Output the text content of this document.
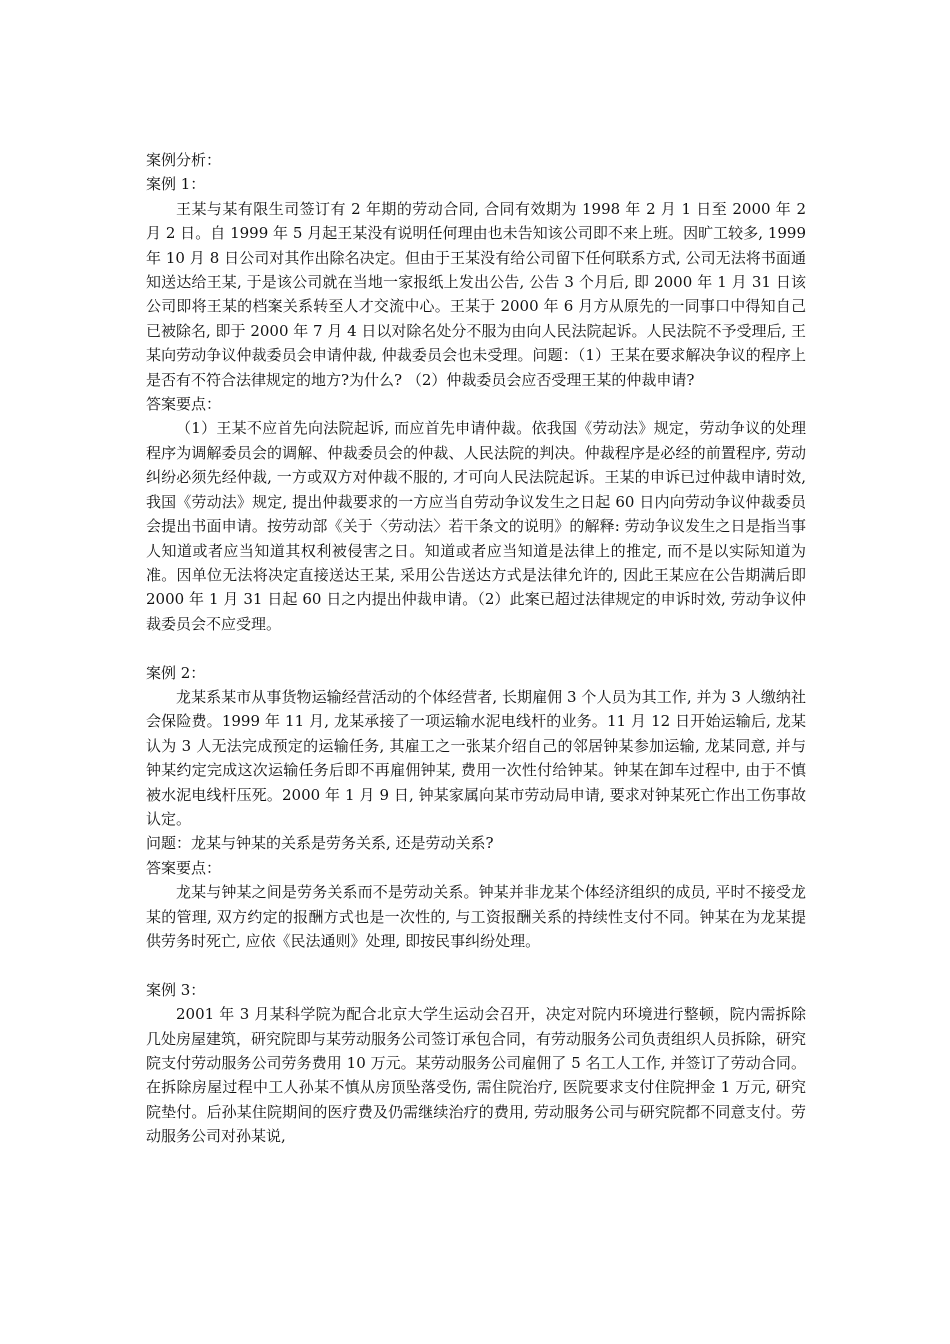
案例分析：

案例 1：

王某与某有限生司签订有 2 年期的劳动合同, 合同有效期为 1998 年 2 月 1 日至 2000 年 2 月 2 日。自 1999 年 5 月起王某没有说明任何理由也未告知该公司即不来上班。因旷工较多, 1999 年 10 月 8 日公司对其作出除名决定。但由于王某没有给公司留下任何联系方式, 公司无法将书面通知送达给王某, 于是该公司就在当地一家报纸上发出公告, 公告 3 个月后, 即 2000 年 1 月 31 日该公司即将王某的档案关系转至人才交流中心。王某于 2000 年 6 月方从原先的一同事口中得知自己已被除名, 即于 2000 年 7 月 4 日以对除名处分不服为由向人民法院起诉。人民法院不予受理后, 王某向劳动争议仲裁委员会申请仲裁, 仲裁委员会也未受理。问题：（1）王某在要求解决争议的程序上是否有不符合法律规定的地方?为什么? （2）仲裁委员会应否受理王某的仲裁申请?

答案要点：

（1）王某不应首先向法院起诉, 而应首先申请仲裁。依我国《劳动法》规定，劳动争议的处理程序为调解委员会的调解、仲裁委员会的仲裁、人民法院的判决。仲裁程序是必经的前置程序, 劳动纠纷必须先经仲裁, 一方或双方对仲裁不服的, 才可向人民法院起诉。王某的申诉已过仲裁申请时效, 我国《劳动法》规定, 提出仲裁要求的一方应当自劳动争议发生之日起 60 日内向劳动争议仲裁委员会提出书面申请。按劳动部《关于〈劳动法〉若干条文的说明》的解释: 劳动争议发生之日是指当事人知道或者应当知道其权利被侵害之日。知道或者应当知道是法律上的推定, 而不是以实际知道为准。因单位无法将决定直接送达王某, 采用公告送达方式是法律允许的, 因此王某应在公告期满后即 2000 年 1 月 31 日起 60 日之内提出仲裁申请。（2）此案已超过法律规定的申诉时效, 劳动争议仲裁委员会不应受理。

案例 2：

龙某系某市从事货物运输经营活动的个体经营者, 长期雇佣 3 个人员为其工作, 并为 3 人缴纳社会保险费。1999 年 11 月, 龙某承接了一项运输水泥电线杆的业务。11 月 12 日开始运输后, 龙某认为 3 人无法完成预定的运输任务, 其雇工之一张某介绍自己的邻居钟某参加运输, 龙某同意, 并与钟某约定完成这次运输任务后即不再雇佣钟某, 费用一次性付给钟某。钟某在卸车过程中, 由于不慎被水泥电线杆压死。2000 年 1 月 9 日, 钟某家属向某市劳动局申请, 要求对钟某死亡作出工伤事故认定。

问题：龙某与钟某的关系是劳务关系, 还是劳动关系?

答案要点：

龙某与钟某之间是劳务关系而不是劳动关系。钟某并非龙某个体经济组织的成员, 平时不接受龙某的管理, 双方约定的报酬方式也是一次性的, 与工资报酬关系的持续性支付不同。钟某在为龙某提供劳务时死亡, 应依《民法通则》处理, 即按民事纠纷处理。

案例 3：

2001 年 3 月某科学院为配合北京大学生运动会召开，决定对院内环境进行整顿，院内需拆除几处房屋建筑，研究院即与某劳动服务公司签订承包合同，有劳动服务公司负责组织人员拆除，研究院支付劳动服务公司劳务费用 10 万元。某劳动服务公司雇佣了 5 名工人工作, 并签订了劳动合同。在拆除房屋过程中工人孙某不慎从房顶坠落受伤, 需住院治疗, 医院要求支付住院押金 1 万元, 研究院垫付。后孙某住院期间的医疗费及仍需继续治疗的费用, 劳动服务公司与研究院都不同意支付。劳动服务公司对孙某说,
